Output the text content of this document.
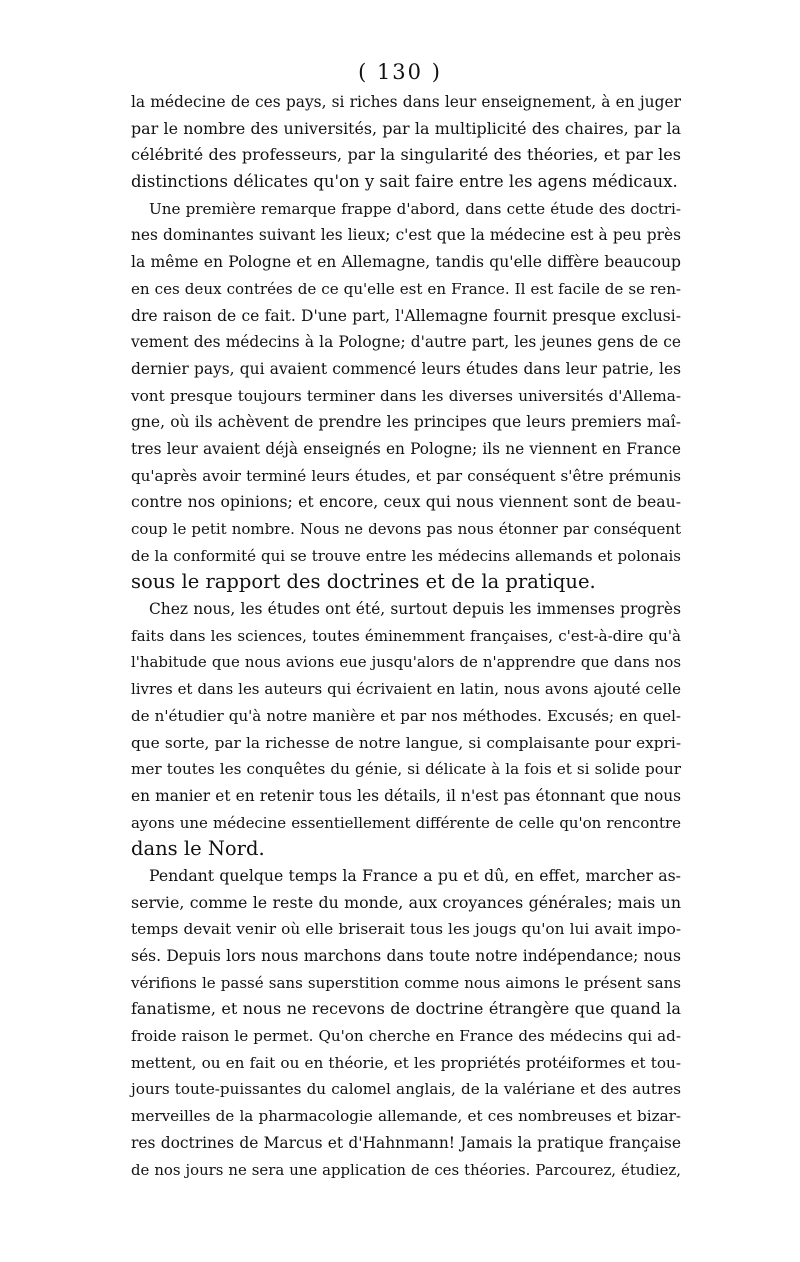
( 130 )
la médecine de ces pays, si riches dans leur enseignement, à en juger
par le nombre des universités, par la multiplicité des chaires, par la
célébrité des professeurs, par la singularité des théories, et par les
distinctions délicates qu'on y sait faire entre les agens médicaux.
Une première remarque frappe d'abord, dans cette étude des doctri-
nes dominantes suivant les lieux; c'est que la médecine est à peu près
la même en Pologne et en Allemagne, tandis qu'elle diffère beaucoup
en ces deux contrées de ce qu'elle est en France. Il est facile de se ren-
dre raison de ce fait. D'une part, l'Allemagne fournit presque exclusi-
vement des médecins à la Pologne; d'autre part, les jeunes gens de ce
dernier pays, qui avaient commencé leurs études dans leur patrie, les
vont presque toujours terminer dans les diverses universités d'Allema-
gne, où ils achèvent de prendre les principes que leurs premiers maî-
tres leur avaient déjà enseignés en Pologne; ils ne viennent en France
qu'après avoir terminé leurs études, et par conséquent s'être prémunis
contre nos opinions; et encore, ceux qui nous viennent sont de beau-
coup le petit nombre. Nous ne devons pas nous étonner par conséquent
de la conformité qui se trouve entre les médecins allemands et polonais
sous le rapport des doctrines et de la pratique.
Chez nous, les études ont été, surtout depuis les immenses progrès
faits dans les sciences, toutes éminemment françaises, c'est-à-dire qu'à
l'habitude que nous avions eue jusqu'alors de n'apprendre que dans nos
livres et dans les auteurs qui écrivaient en latin, nous avons ajouté celle
de n'étudier qu'à notre manière et par nos méthodes. Excusés; en quel-
que sorte, par la richesse de notre langue, si complaisante pour expri-
mer toutes les conquêtes du génie, si délicate à la fois et si solide pour
en manier et en retenir tous les détails, il n'est pas étonnant que nous
ayons une médecine essentiellement différente de celle qu'on rencontre
dans le Nord.
Pendant quelque temps la France a pu et dû, en effet, marcher as-
servie, comme le reste du monde, aux croyances générales; mais un
temps devait venir où elle briserait tous les jougs qu'on lui avait impo-
sés. Depuis lors nous marchons dans toute notre indépendance; nous
vérifions le passé sans superstition comme nous aimons le présent sans
fanatisme, et nous ne recevons de doctrine étrangère que quand la
froide raison le permet. Qu'on cherche en France des médecins qui ad-
mettent, ou en fait ou en théorie, et les propriétés protéiformes et tou-
jours toute-puissantes du calomel anglais, de la valériane et des autres
merveilles de la pharmacologie allemande, et ces nombreuses et bizar-
res doctrines de Marcus et d'Hahnmann! Jamais la pratique française
de nos jours ne sera une application de ces théories. Parcourez, étudiez,
